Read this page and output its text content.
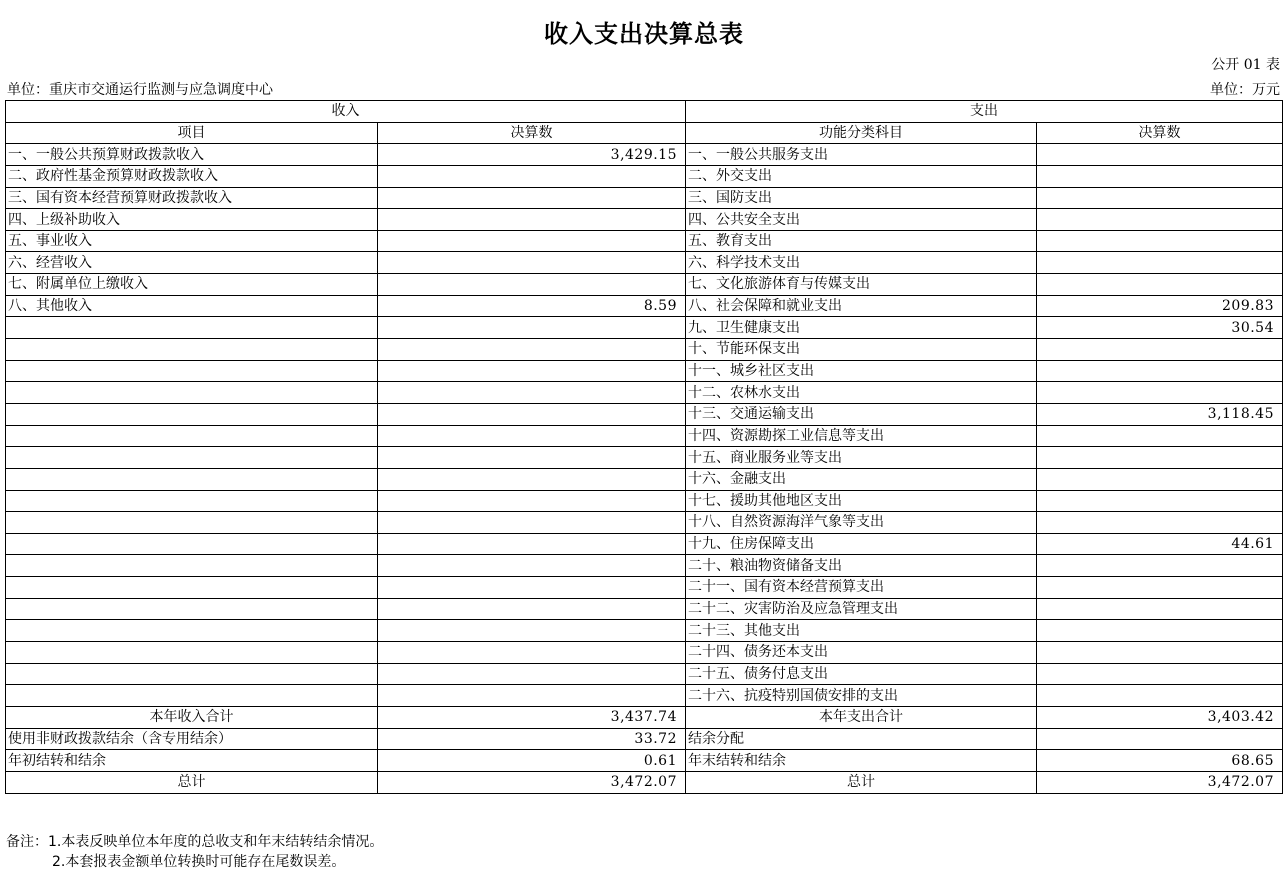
收入支出决算总表
公开 01 表
单位：重庆市交通运行监测与应急调度中心	单位：万元
收入		支出	
项目	决算数	功能分类科目	决算数
一、一般公共预算财政拨款收入	3,429.15	一、一般公共服务支出	
二、政府性基金预算财政拨款收入		二、外交支出	
三、国有资本经营预算财政拨款收入		三、国防支出	
四、上级补助收入		四、公共安全支出	
五、事业收入		五、教育支出	
六、经营收入		六、科学技术支出	
七、附属单位上缴收入		七、文化旅游体育与传媒支出	
八、其他收入	8.59	八、社会保障和就业支出	209.83
		九、卫生健康支出	30.54
		十、节能环保支出	
		十一、城乡社区支出	
		十二、农林水支出	
		十三、交通运输支出	3,118.45
		十四、资源勘探工业信息等支出	
		十五、商业服务业等支出	
		十六、金融支出	
		十七、援助其他地区支出	
		十八、自然资源海洋气象等支出	
		十九、住房保障支出	44.61
		二十、粮油物资储备支出	
		二十一、国有资本经营预算支出	
		二十二、灾害防治及应急管理支出	
		二十三、其他支出	
		二十四、债务还本支出	
		二十五、债务付息支出	
		二十六、抗疫特别国债安排的支出	
本年收入合计	3,437.74	本年支出合计	3,403.42
使用非财政拨款结余（含专用结余）	33.72	结余分配	
年初结转和结余	0.61	年末结转和结余	68.65
总计	3,472.07	总计	3,472.07
备注：1.本表反映单位本年度的总收支和年末结转结余情况。
2.本套报表金额单位转换时可能存在尾数误差。
